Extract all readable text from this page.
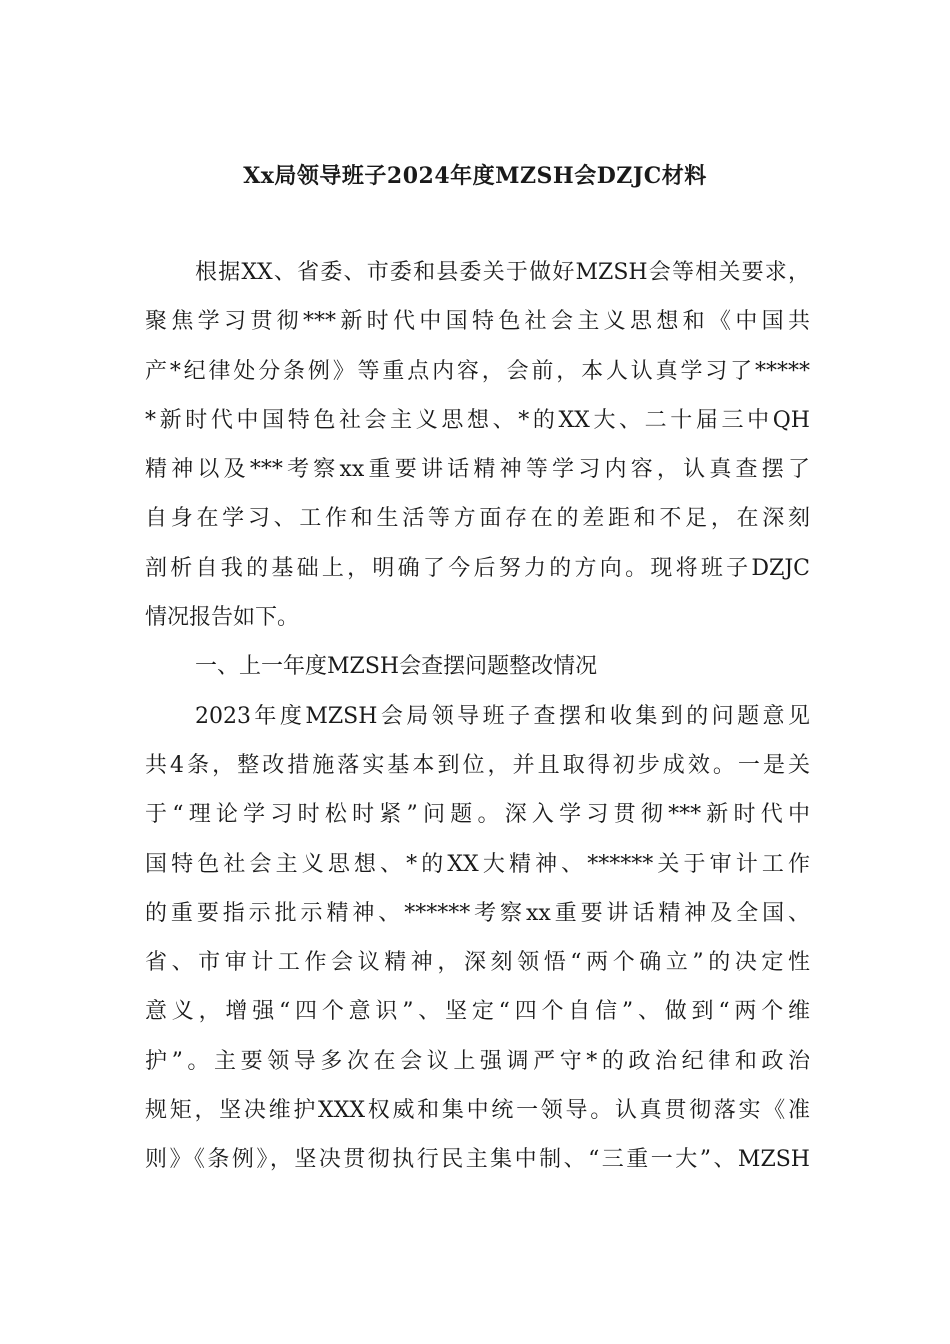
Xx局领导班子2024年度MZSH会DZJC材料
根据XX、省委、市委和县委关于做好MZSH会等相关要求，
聚焦学习贯彻***新时代中国特色社会主义思想和《中国共
产*纪律处分条例》等重点内容，会前，本人认真学习了*****
*新时代中国特色社会主义思想、*的XX大、二十届三中QH
精神以及***考察xx重要讲话精神等学习内容，认真查摆了
自身在学习、工作和生活等方面存在的差距和不足，在深刻
剖析自我的基础上，明确了今后努力的方向。现将班子DZJC
情况报告如下。
一、上一年度MZSH会查摆问题整改情况
2023年度MZSH会局领导班子查摆和收集到的问题意见
共4条，整改措施落实基本到位，并且取得初步成效。一是关
于“理论学习时松时紧”问题。深入学习贯彻***新时代中
国特色社会主义思想、*的XX大精神、******关于审计工作
的重要指示批示精神、******考察xx重要讲话精神及全国、
省、市审计工作会议精神，深刻领悟“两个确立”的决定性
意义，增强“四个意识”、坚定“四个自信”、做到“两个维
护”。主要领导多次在会议上强调严守*的政治纪律和政治
规矩，坚决维护XXX权威和集中统一领导。认真贯彻落实《准
则》《条例》，坚决贯彻执行民主集中制、“三重一大”、MZSH
